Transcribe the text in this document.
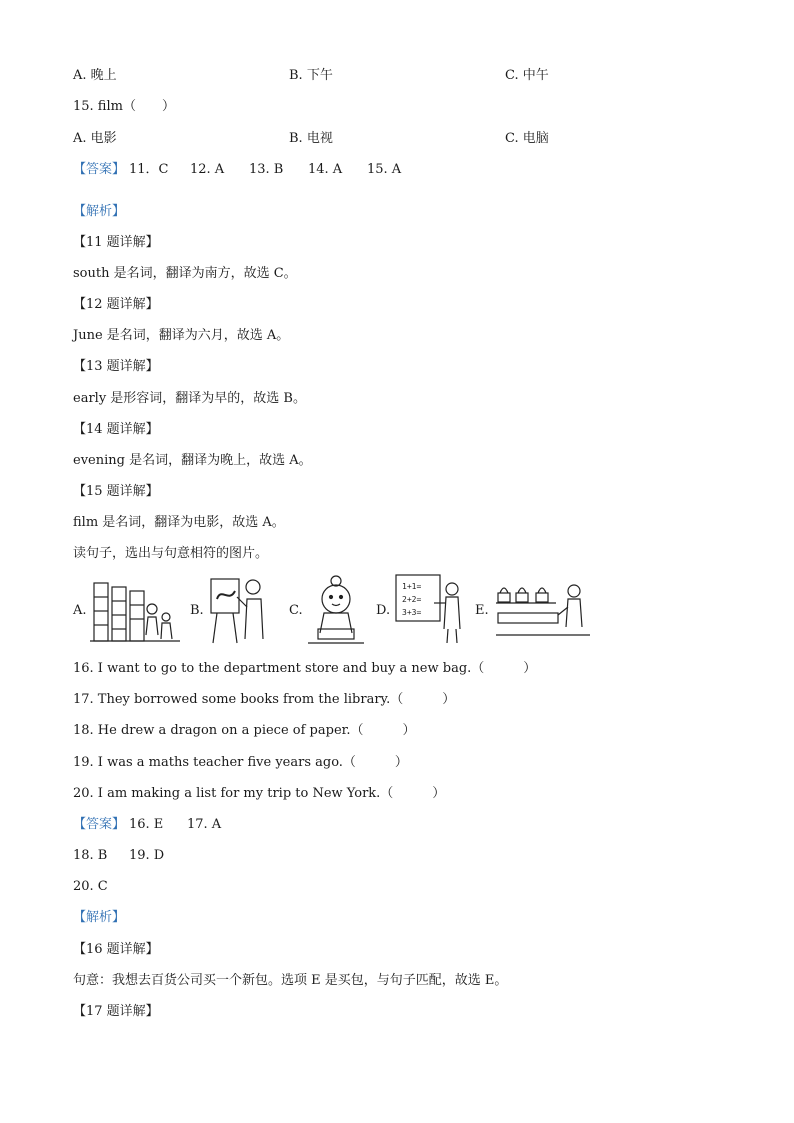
A. 晚上	B. 下午	C. 中午
15. film（　　）
A. 电影	B. 电视	C. 电脑
【答案】 11．C 12. A 13. B 14. A 15. A
【解析】
【11 题详解】
south 是名词，翻译为南方，故选 C。
【12 题详解】
June 是名词，翻译为六月，故选 A。
【13 题详解】
early 是形容词，翻译为早的，故选 B。
【14 题详解】
evening 是名词，翻译为晚上，故选 A。
【15 题详解】
film 是名词，翻译为电影，故选 A。
读句子，选出与句意相符的图片。
A.	B.	C.	D.
1+1=
2+2=
3+3=	E.
16. I want to go to the department store and buy a new bag.（　　　）
17. They borrowed some books from the library.（　　　）
18. He drew a dragon on a piece of paper.（　　　）
19. I was a maths teacher five years ago.（　　　）
20. I am making a list for my trip to New York.（　　　）
【答案】 16. E 17. A
18. B 19. D
20. C
【解析】
【16 题详解】
句意：我想去百货公司买一个新包。选项 E 是买包，与句子匹配，故选 E。
【17 题详解】
